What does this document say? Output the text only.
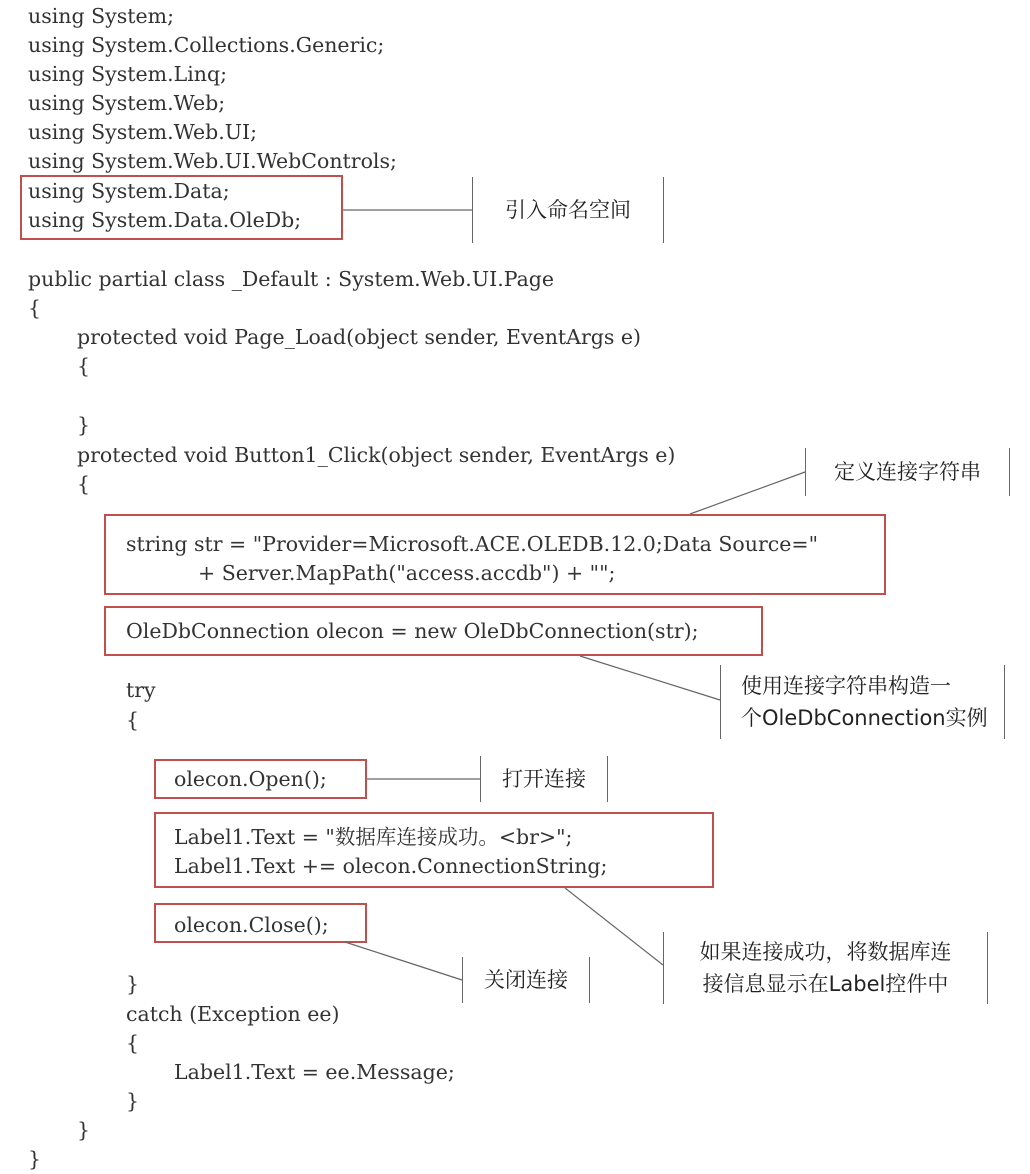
using System;
using System.Collections.Generic;
using System.Linq;
using System.Web;
using System.Web.UI;
using System.Web.UI.WebControls;
using System.Data;
using System.Data.OleDb;
public partial class _Default : System.Web.UI.Page
{
protected void Page_Load(object sender, EventArgs e)
{
}
protected void Button1_Click(object sender, EventArgs e)
{
string str = "Provider=Microsoft.ACE.OLEDB.12.0;Data Source="
+ Server.MapPath("access.accdb") + "";
OleDbConnection olecon = new OleDbConnection(str);
try
{
olecon.Open();
Label1.Text = "数据库连接成功。<br>";
Label1.Text += olecon.ConnectionString;
olecon.Close();
}
catch (Exception ee)
{
Label1.Text = ee.Message;
}
}
}
引入命名空间
定义连接字符串
使用连接字符串构造一
个OleDbConnection实例
打开连接
如果连接成功，将数据库连
接信息显示在Label控件中
关闭连接
